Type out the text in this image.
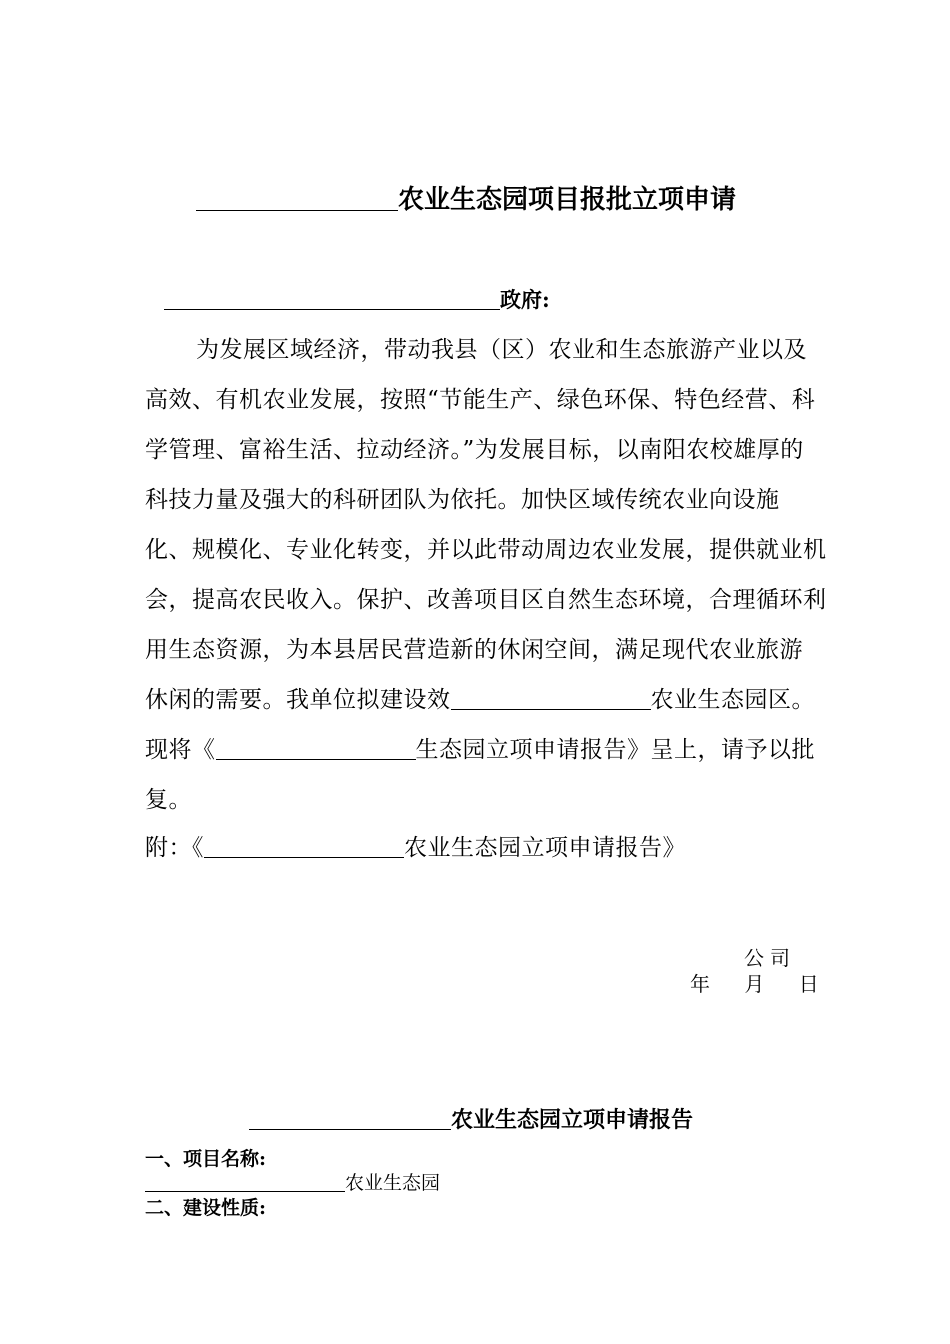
农业生态园项目报批立项申请
政府:
为发展区域经济，带动我县（区）农业和生态旅游产业以及
高效、有机农业发展，按照“节能生产、绿色环保、特色经营、科
学管理、富裕生活、拉动经济。”为发展目标，以南阳农校雄厚的
科技力量及强大的科研团队为依托。加快区域传统农业向设施
化、规模化、专业化转变，并以此带动周边农业发展，提供就业机
会，提高农民收入。保护、改善项目区自然生态环境，合理循环利
用生态资源，为本县居民营造新的休闲空间，满足现代农业旅游
休闲的需要。我单位拟建设效	农业生态园区。
现将《	生态园立项申请报告》呈上，请予以批
复。
附：《	农业生态园立项申请报告》
公司
年 月 日
农业生态园立项申请报告
一、项目名称:
农业生态园
二、建设性质:
